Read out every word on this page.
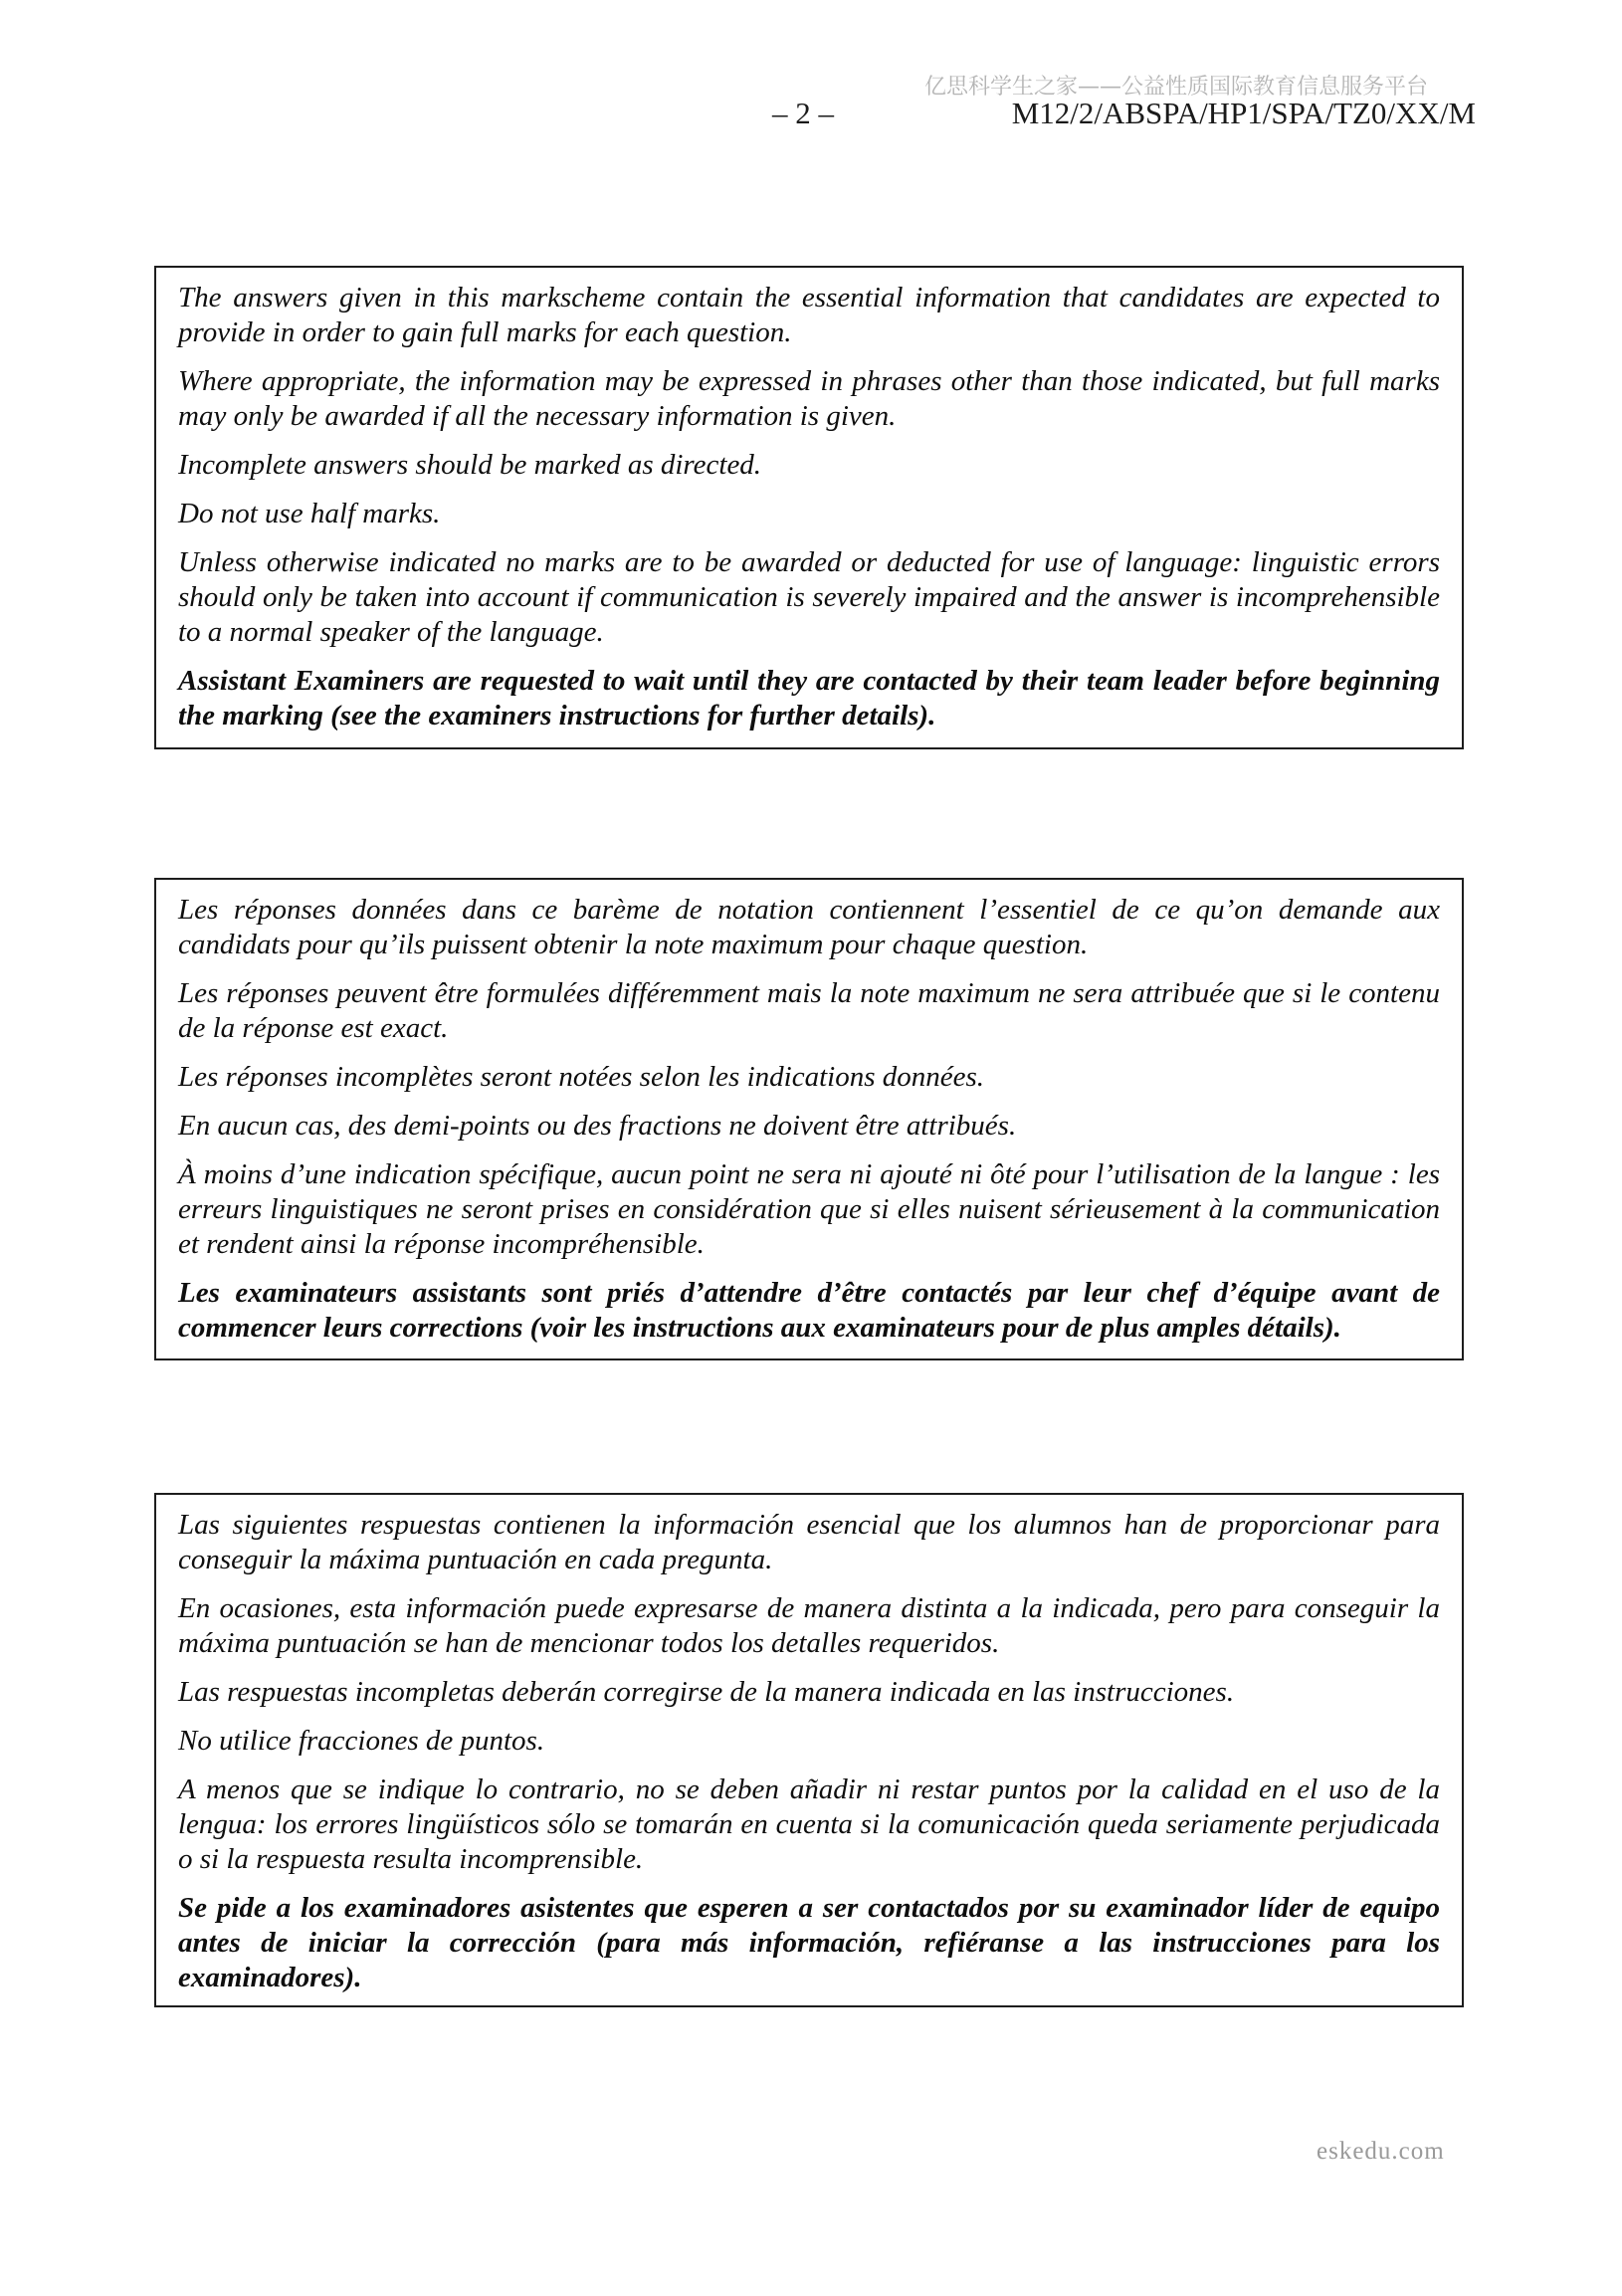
亿思科学生之家——公益性质国际教育信息服务平台
– 2 –	M12/2/ABSPA/HP1/SPA/TZ0/XX/M

The answers given in this markscheme contain the essential information that candidates are expected to provide in order to gain full marks for each question.

Where appropriate, the information may be expressed in phrases other than those indicated, but full marks may only be awarded if all the necessary information is given.

Incomplete answers should be marked as directed.

Do not use half marks.

Unless otherwise indicated no marks are to be awarded or deducted for use of language: linguistic errors should only be taken into account if communication is severely impaired and the answer is incomprehensible to a normal speaker of the language.

Assistant Examiners are requested to wait until they are contacted by their team leader before beginning the marking (see the examiners instructions for further details).

Les réponses données dans ce barème de notation contiennent l’essentiel de ce qu’on demande aux candidats pour qu’ils puissent obtenir la note maximum pour chaque question.

Les réponses peuvent être formulées différemment mais la note maximum ne sera attribuée que si le contenu de la réponse est exact.

Les réponses incomplètes seront notées selon les indications données.

En aucun cas, des demi-points ou des fractions ne doivent être attribués.

À moins d’une indication spécifique, aucun point ne sera ni ajouté ni ôté pour l’utilisation de la langue : les erreurs linguistiques ne seront prises en considération que si elles nuisent sérieusement à la communication et rendent ainsi la réponse incompréhensible.

Les examinateurs assistants sont priés d’attendre d’être contactés par leur chef d’équipe avant de commencer leurs corrections (voir les instructions aux examinateurs pour de plus amples détails).

Las siguientes respuestas contienen la información esencial que los alumnos han de proporcionar para conseguir la máxima puntuación en cada pregunta.

En ocasiones, esta información puede expresarse de manera distinta a la indicada, pero para conseguir la máxima puntuación se han de mencionar todos los detalles requeridos.

Las respuestas incompletas deberán corregirse de la manera indicada en las instrucciones.

No utilice fracciones de puntos.

A menos que se indique lo contrario, no se deben añadir ni restar puntos por la calidad en el uso de la lengua: los errores lingüísticos sólo se tomarán en cuenta si la comunicación queda seriamente perjudicada o si la respuesta resulta incomprensible.

Se pide a los examinadores asistentes que esperen a ser contactados por su examinador líder de equipo antes de iniciar la corrección (para más información, refiéranse a las instrucciones para los examinadores).

eskedu.com
